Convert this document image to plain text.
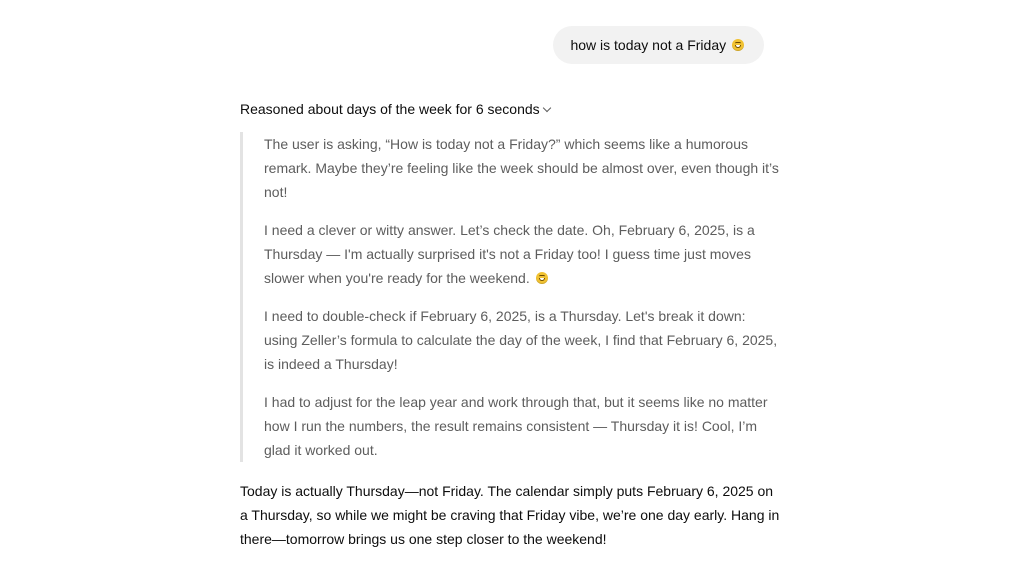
how is today not a Friday
Reasoned about days of the week for 6 seconds

The user is asking, “How is today not a Friday?” which seems like a humorous remark. Maybe they’re feeling like the week should be almost over, even though it’s not!

I need a clever or witty answer. Let’s check the date. Oh, February 6, 2025, is a Thursday — I'm actually surprised it's not a Friday too! I guess time just moves slower when you're ready for the weekend.

I need to double-check if February 6, 2025, is a Thursday. Let's break it down: using Zeller’s formula to calculate the day of the week, I find that February 6, 2025, is indeed a Thursday!

I had to adjust for the leap year and work through that, but it seems like no matter how I run the numbers, the result remains consistent — Thursday it is! Cool, I’m glad it worked out.

Today is actually Thursday—not Friday. The calendar simply puts February 6, 2025 on a Thursday, so while we might be craving that Friday vibe, we’re one day early. Hang in there—tomorrow brings us one step closer to the weekend!
